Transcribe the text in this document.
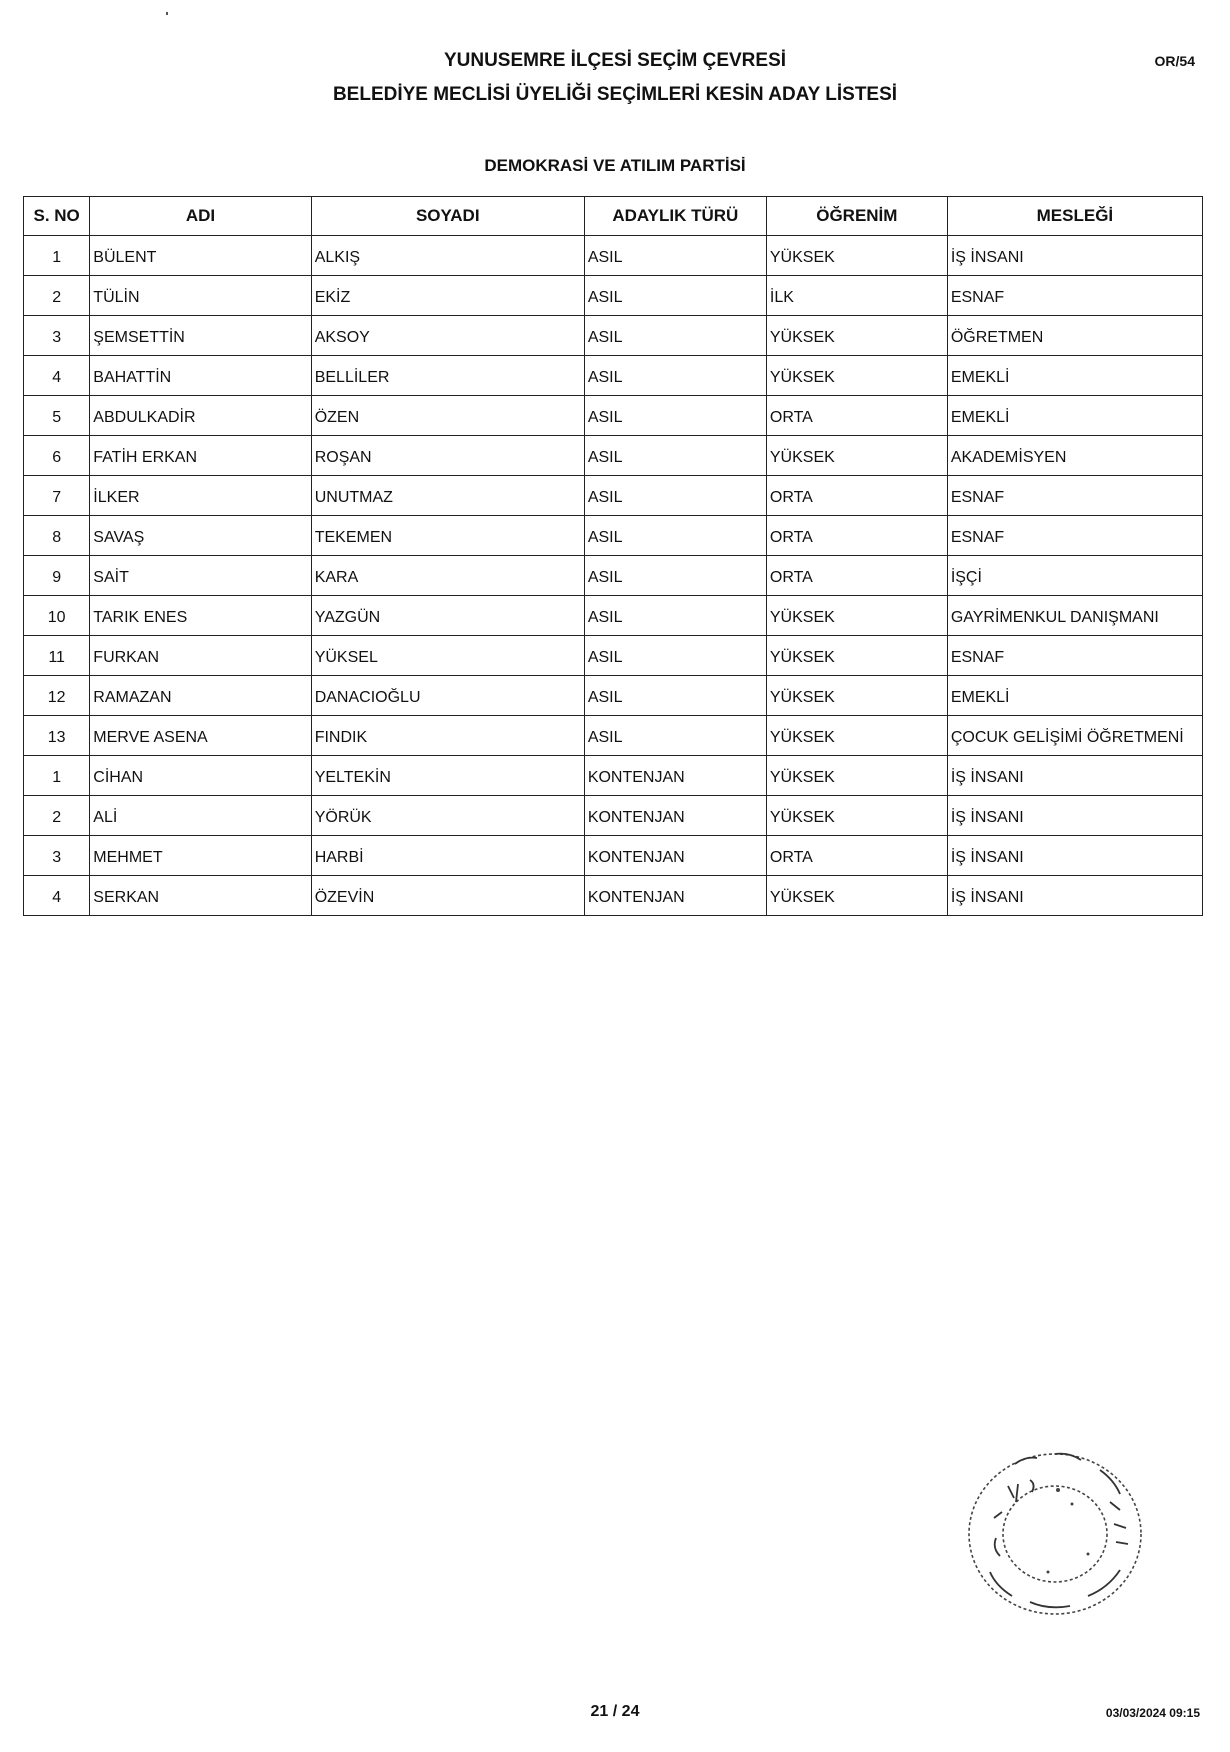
YUNUSEMRE İLÇESİ SEÇİM ÇEVRESİ
BELEDİYE MECLİSİ ÜYELİĞİ SEÇİMLERİ KESİN ADAY LİSTESİ
OR/54
DEMOKRASİ VE ATILIM PARTİSİ
S. NO	ADI	SOYADI	ADAYLIK TÜRÜ	ÖĞRENİM	MESLEĞİ
1	BÜLENT	ALKIŞ	ASIL	YÜKSEK	İŞ İNSANI
2	TÜLİN	EKİZ	ASIL	İLK	ESNAF
3	ŞEMSETTİN	AKSOY	ASIL	YÜKSEK	ÖĞRETMEN
4	BAHATTİN	BELLİLER	ASIL	YÜKSEK	EMEKLİ
5	ABDULKADİR	ÖZEN	ASIL	ORTA	EMEKLİ
6	FATİH ERKAN	ROŞAN	ASIL	YÜKSEK	AKADEMİSYEN
7	İLKER	UNUTMAZ	ASIL	ORTA	ESNAF
8	SAVAŞ	TEKEMEN	ASIL	ORTA	ESNAF
9	SAİT	KARA	ASIL	ORTA	İŞÇİ
10	TARIK ENES	YAZGÜN	ASIL	YÜKSEK	GAYRİMENKUL DANIŞMANI
11	FURKAN	YÜKSEL	ASIL	YÜKSEK	ESNAF
12	RAMAZAN	DANACIOĞLU	ASIL	YÜKSEK	EMEKLİ
13	MERVE ASENA	FINDIK	ASIL	YÜKSEK	ÇOCUK GELİŞİMİ ÖĞRETMENİ
1	CİHAN	YELTEKİN	KONTENJAN	YÜKSEK	İŞ İNSANI
2	ALİ	YÖRÜK	KONTENJAN	YÜKSEK	İŞ İNSANI
3	MEHMET	HARBİ	KONTENJAN	ORTA	İŞ İNSANI
4	SERKAN	ÖZEVİN	KONTENJAN	YÜKSEK	İŞ İNSANI
21 / 24	03/03/2024 09:15
